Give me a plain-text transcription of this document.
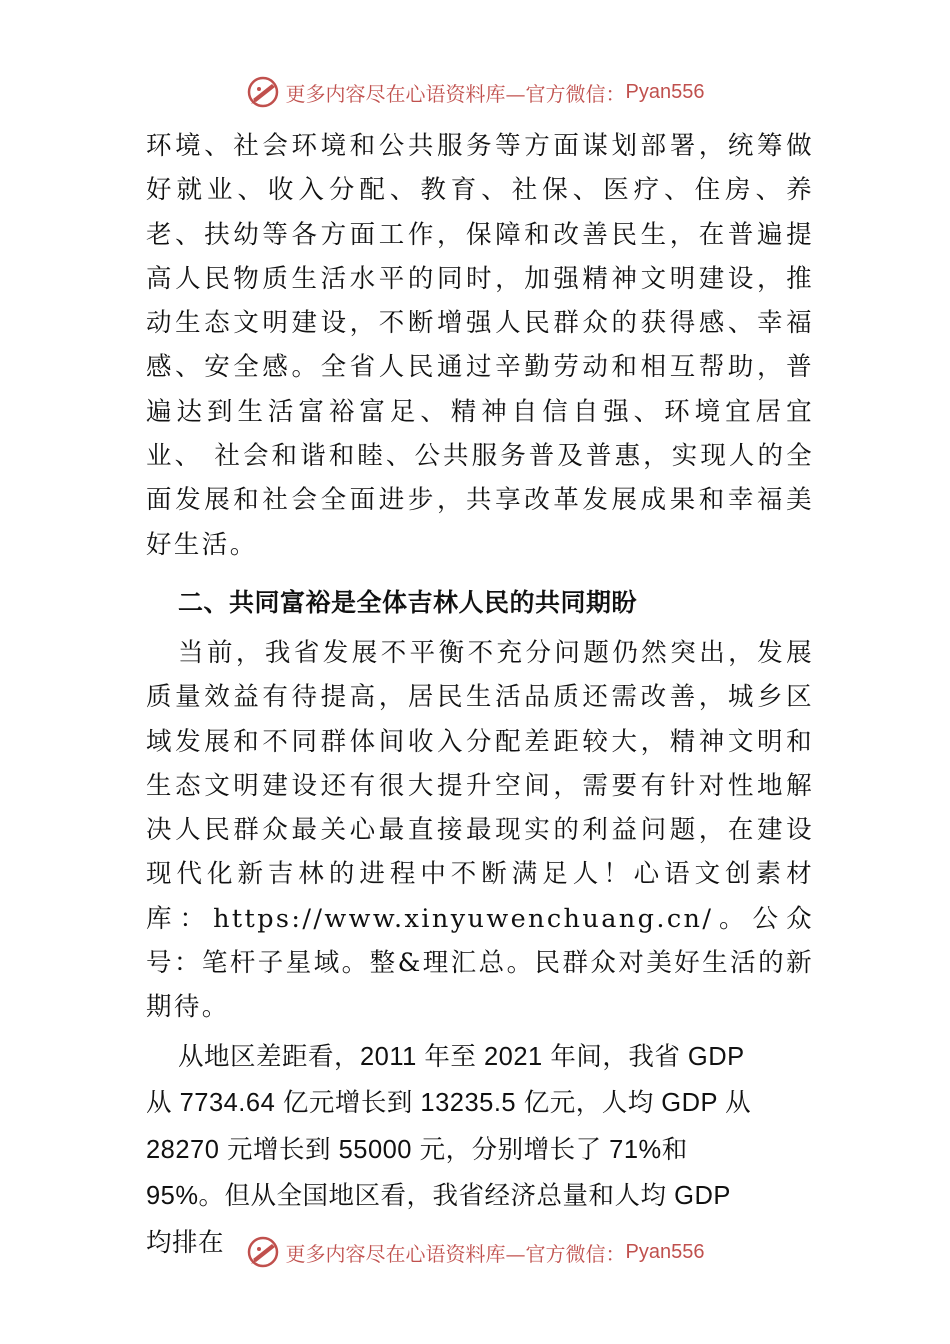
更多内容尽在心语资料库—官方微信： Pyan556

环境、社会环境和公共服务等方面谋划部署，统筹做好就业、收入分配、教育、社保、医疗、住房、养老、扶幼等各方面工作，保障和改善民生，在普遍提高人民物质生活水平的同时，加强精神文明建设，推动生态文明建设，不断增强人民群众的获得感、幸福感、安全感。全省人民通过辛勤劳动和相互帮助，普遍达到生活富裕富足、精神自信自强、环境宜居宜业、 社会和谐和睦、公共服务普及普惠，实现人的全面发展和社会全面进步，共享改革发展成果和幸福美好生活。

二、共同富裕是全体吉林人民的共同期盼

当前，我省发展不平衡不充分问题仍然突出，发展质量效益有待提高，居民生活品质还需改善，城乡区域发展和不同群体间收入分配差距较大，精神文明和生态文明建设还有很大提升空间，需要有针对性地解决人民群众最关心最直接最现实的利益问题，在建设现代化新吉林的进程中不断满足人！心语文创素材库：https://www.xinyuwenchuang.cn/。公众号：笔杆子星域。整&理汇总。民群众对美好生活的新期待。

从地区差距看，2011 年至 2021 年间，我省 GDP
从 7734.64 亿元增长到 13235.5 亿元，人均 GDP 从
28270 元增长到 55000 元，分别增长了 71%和
95%。但从全国地区看，我省经济总量和人均 GDP
均排在	更多内容尽在心语资料库—官方微信： Pyan556
